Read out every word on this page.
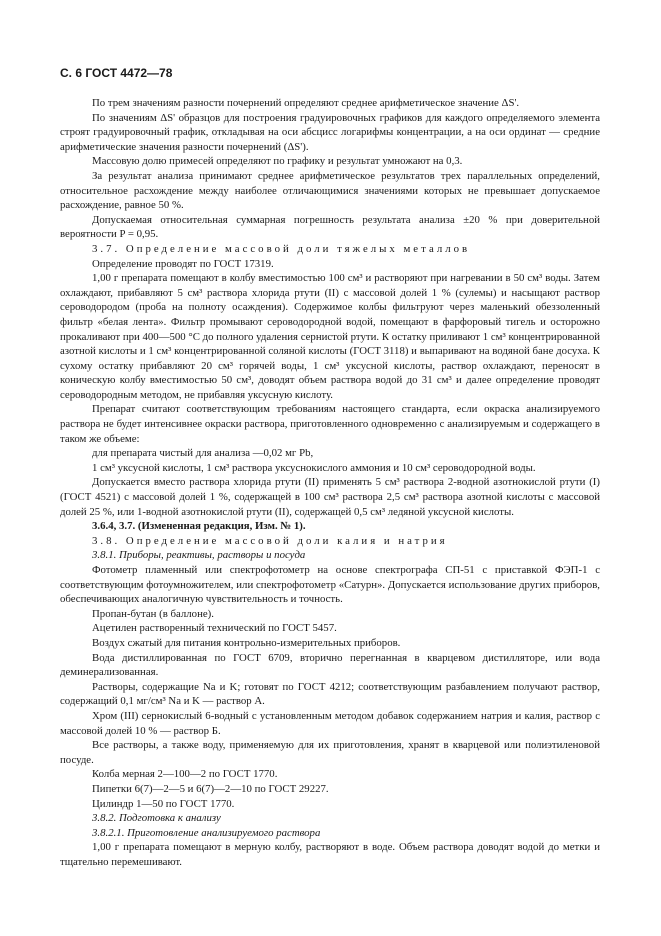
С. 6 ГОСТ 4472—78

По трем значениям разности почернений определяют среднее арифметическое значение ΔS'.

По значениям ΔS' образцов для построения градуировочных графиков для каждого определяемого элемента строят градуировочный график, откладывая на оси абсцисс логарифмы концентрации, а на оси ординат — средние арифметические значения разности почернений (ΔS').

Массовую долю примесей определяют по графику и результат умножают на 0,3.

За результат анализа принимают среднее арифметическое результатов трех параллельных определений, относительное расхождение между наиболее отличающимися значениями которых не превышает допускаемое расхождение, равное 50 %.

Допускаемая относительная суммарная погрешность результата анализа ±20 % при доверительной вероятности P = 0,95.

3.7. Определение массовой доли тяжелых металлов

Определение проводят по ГОСТ 17319.

1,00 г препарата помещают в колбу вместимостью 100 см³ и растворяют при нагревании в 50 см³ воды. Затем охлаждают, прибавляют 5 см³ раствора хлорида ртути (II) с массовой долей 1 % (сулемы) и насыщают раствор сероводородом (проба на полноту осаждения). Содержимое колбы фильтруют через маленький обеззоленный фильтр «белая лента». Фильтр промывают сероводородной водой, помещают в фарфоровый тигель и осторожно прокаливают при 400—500 °С до полного удаления сернистой ртути. К остатку приливают 1 см³ концентрированной азотной кислоты и 1 см³ концентрированной соляной кислоты (ГОСТ 3118) и выпаривают на водяной бане досуха. К сухому остатку прибавляют 20 см³ горячей воды, 1 см³ уксусной кислоты, раствор охлаждают, переносят в коническую колбу вместимостью 50 см³, доводят объем раствора водой до 31 см³ и далее определение проводят сероводородным методом, не прибавляя уксусную кислоту.

Препарат считают соответствующим требованиям настоящего стандарта, если окраска анализируемого раствора не будет интенсивнее окраски раствора, приготовленного одновременно с анализируемым и содержащего в таком же объеме:

для препарата чистый для анализа —0,02 мг Pb,

1 см³ уксусной кислоты, 1 см³ раствора уксуснокислого аммония и 10 см³ сероводородной воды.

Допускается вместо раствора хлорида ртути (II) применять 5 см³ раствора 2-водной азотнокислой ртути (I) (ГОСТ 4521) с массовой долей 1 %, содержащей в 100 см³ раствора 2,5 см³ раствора азотной кислоты с массовой долей 25 %, или 1-водной азотнокислой ртути (II), содержащей 0,5 см³ ледяной уксусной кислоты.

3.6.4, 3.7. (Измененная редакция, Изм. № 1).

3.8. Определение массовой доли калия и натрия

3.8.1. Приборы, реактивы, растворы и посуда

Фотометр пламенный или спектрофотометр на основе спектрографа СП-51 с приставкой ФЭП-1 с соответствующим фотоумножителем, или спектрофотометр «Сатурн». Допускается использование других приборов, обеспечивающих аналогичную чувствительность и точность.

Пропан-бутан (в баллоне).

Ацетилен растворенный технический по ГОСТ 5457.

Воздух сжатый для питания контрольно-измерительных приборов.

Вода дистиллированная по ГОСТ 6709, вторично перегнанная в кварцевом дистилляторе, или вода деминерализованная.

Растворы, содержащие Na и K; готовят по ГОСТ 4212; соответствующим разбавлением получают раствор, содержащий 0,1 мг/см³ Na и K — раствор А.

Хром (III) сернокислый 6-водный с установленным методом добавок содержанием натрия и калия, раствор с массовой долей 10 % — раствор Б.

Все растворы, а также воду, применяемую для их приготовления, хранят в кварцевой или полиэтиленовой посуде.

Колба мерная 2—100—2 по ГОСТ 1770.

Пипетки 6(7)—2—5 и 6(7)—2—10 по ГОСТ 29227.

Цилиндр 1—50 по ГОСТ 1770.

3.8.2. Подготовка к анализу

3.8.2.1. Приготовление анализируемого раствора

1,00 г препарата помещают в мерную колбу, растворяют в воде. Объем раствора доводят водой до метки и тщательно перемешивают.
